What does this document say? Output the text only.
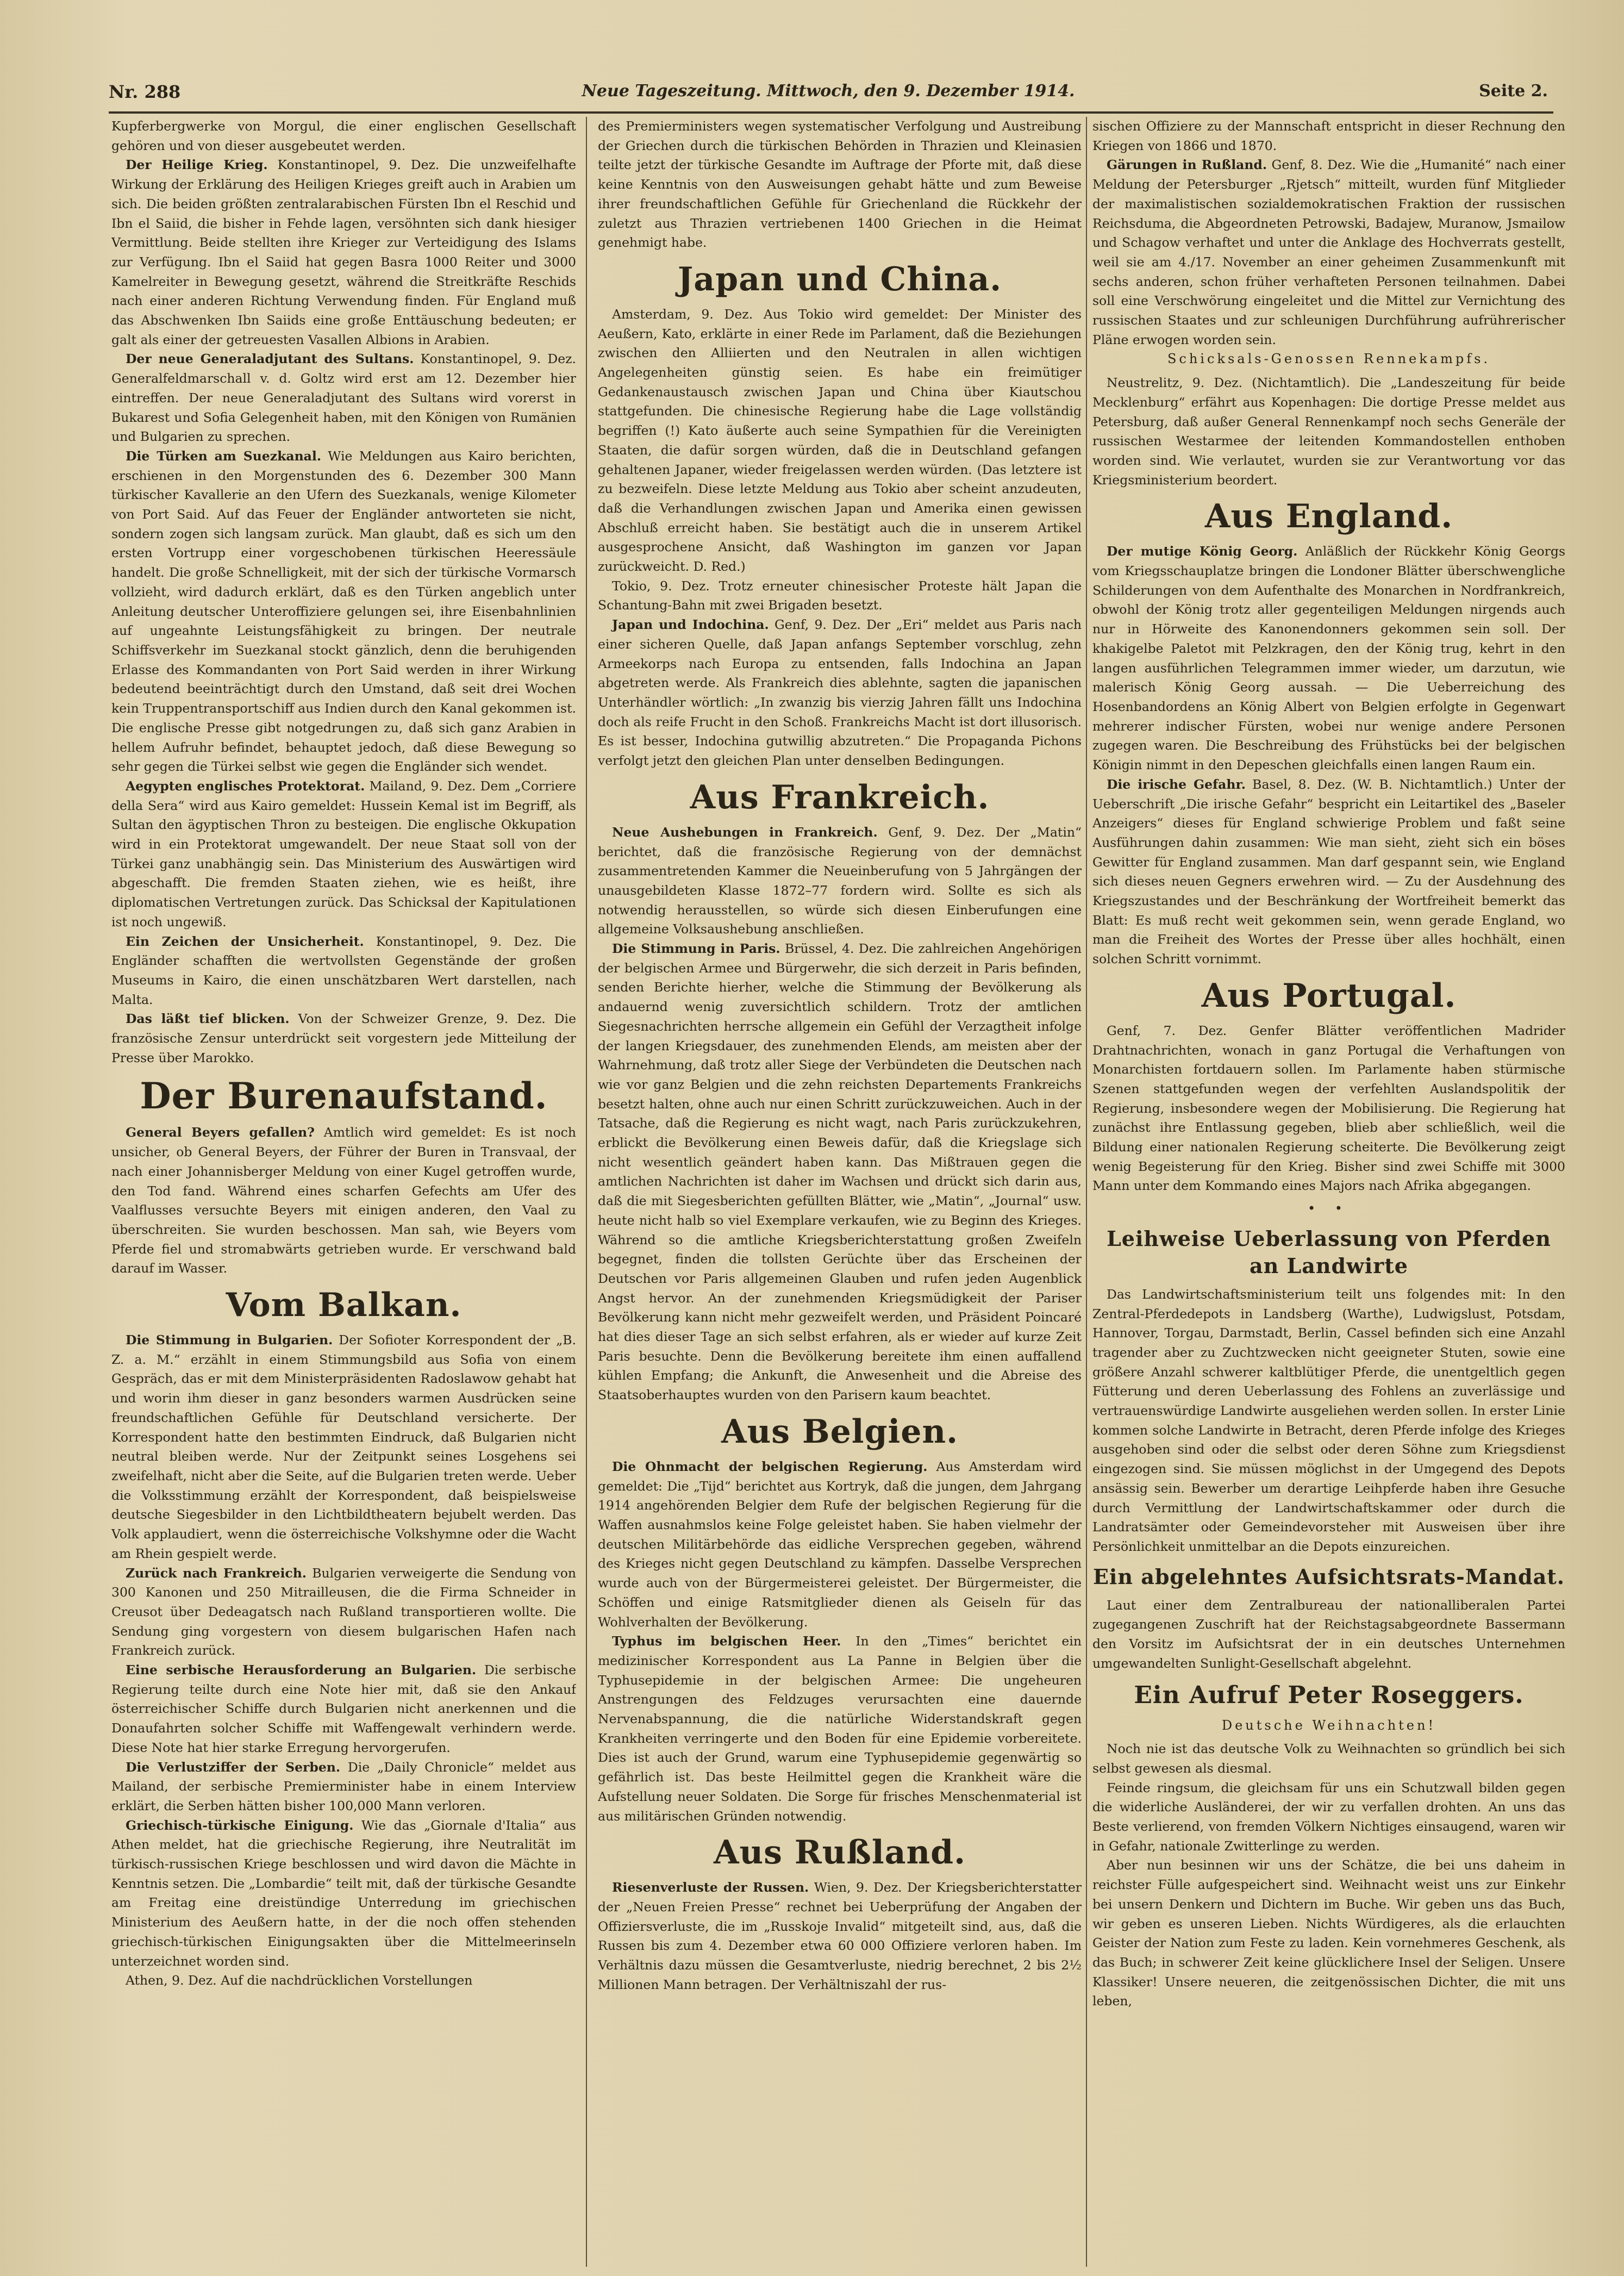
Nr. 288	Neue Tageszeitung. Mittwoch, den 9. Dezember 1914.	Seite 2.

Kupferbergwerke von Morgul, die einer englischen Gesellschaft gehören und von dieser ausgebeutet werden.

Der Heilige Krieg. Konstantinopel, 9. Dez. Die unzweifelhafte Wirkung der Erklärung des Heiligen Krieges greift auch in Arabien um sich. Die beiden größten zentralarabischen Fürsten Ibn el Reschid und Ibn el Saiid, die bisher in Fehde lagen, versöhnten sich dank hiesiger Vermittlung. Beide stellten ihre Krieger zur Verteidigung des Islams zur Verfügung. Ibn el Saiid hat gegen Basra 1000 Reiter und 3000 Kamelreiter in Bewegung gesetzt, während die Streitkräfte Reschids nach einer anderen Richtung Verwendung finden. Für England muß das Abschwenken Ibn Saiids eine große Enttäuschung bedeuten; er galt als einer der getreuesten Vasallen Albions in Arabien.

Der neue Generaladjutant des Sultans. Konstantinopel, 9. Dez. Generalfeldmarschall v. d. Goltz wird erst am 12. Dezember hier eintreffen. Der neue Generaladjutant des Sultans wird vorerst in Bukarest und Sofia Gelegenheit haben, mit den Königen von Rumänien und Bulgarien zu sprechen.

Die Türken am Suezkanal. Wie Meldungen aus Kairo berichten, erschienen in den Morgenstunden des 6. Dezember 300 Mann türkischer Kavallerie an den Ufern des Suezkanals, wenige Kilometer von Port Said. Auf das Feuer der Engländer antworteten sie nicht, sondern zogen sich langsam zurück. Man glaubt, daß es sich um den ersten Vortrupp einer vorgeschobenen türkischen Heeressäule handelt. Die große Schnelligkeit, mit der sich der türkische Vormarsch vollzieht, wird dadurch erklärt, daß es den Türken angeblich unter Anleitung deutscher Unteroffiziere gelungen sei, ihre Eisenbahnlinien auf ungeahnte Leistungsfähigkeit zu bringen. Der neutrale Schiffsverkehr im Suezkanal stockt gänzlich, denn die beruhigenden Erlasse des Kommandanten von Port Said werden in ihrer Wirkung bedeutend beeinträchtigt durch den Umstand, daß seit drei Wochen kein Truppentransportschiff aus Indien durch den Kanal gekommen ist. Die englische Presse gibt notgedrungen zu, daß sich ganz Arabien in hellem Aufruhr befindet, behauptet jedoch, daß diese Bewegung so sehr gegen die Türkei selbst wie gegen die Engländer sich wendet.

Aegypten englisches Protektorat. Mailand, 9. Dez. Dem „Corriere della Sera“ wird aus Kairo gemeldet: Hussein Kemal ist im Begriff, als Sultan den ägyptischen Thron zu besteigen. Die englische Okkupation wird in ein Protektorat umgewandelt. Der neue Staat soll von der Türkei ganz unabhängig sein. Das Ministerium des Auswärtigen wird abgeschafft. Die fremden Staaten ziehen, wie es heißt, ihre diplomatischen Vertretungen zurück. Das Schicksal der Kapitulationen ist noch ungewiß.

Ein Zeichen der Unsicherheit. Konstantinopel, 9. Dez. Die Engländer schafften die wertvollsten Gegenstände der großen Museums in Kairo, die einen unschätzbaren Wert darstellen, nach Malta.

Das läßt tief blicken. Von der Schweizer Grenze, 9. Dez. Die französische Zensur unterdrückt seit vorgestern jede Mitteilung der Presse über Marokko.

Der Burenaufstand.

General Beyers gefallen? Amtlich wird gemeldet: Es ist noch unsicher, ob General Beyers, der Führer der Buren in Transvaal, der nach einer Johannisberger Meldung von einer Kugel getroffen wurde, den Tod fand. Während eines scharfen Gefechts am Ufer des Vaalflusses versuchte Beyers mit einigen anderen, den Vaal zu überschreiten. Sie wurden beschossen. Man sah, wie Beyers vom Pferde fiel und stromabwärts getrieben wurde. Er verschwand bald darauf im Wasser.

Vom Balkan.

Die Stimmung in Bulgarien. Der Sofioter Korrespondent der „B. Z. a. M.“ erzählt in einem Stimmungsbild aus Sofia von einem Gespräch, das er mit dem Ministerpräsidenten Radoslawow gehabt hat und worin ihm dieser in ganz besonders warmen Ausdrücken seine freundschaftlichen Gefühle für Deutschland versicherte. Der Korrespondent hatte den bestimmten Eindruck, daß Bulgarien nicht neutral bleiben werde. Nur der Zeitpunkt seines Losgehens sei zweifelhaft, nicht aber die Seite, auf die Bulgarien treten werde. Ueber die Volksstimmung erzählt der Korrespondent, daß beispielsweise deutsche Siegesbilder in den Lichtbildtheatern bejubelt werden. Das Volk applaudiert, wenn die österreichische Volkshymne oder die Wacht am Rhein gespielt werde.

Zurück nach Frankreich. Bulgarien verweigerte die Sendung von 300 Kanonen und 250 Mitrailleusen, die die Firma Schneider in Creusot über Dedeagatsch nach Rußland transportieren wollte. Die Sendung ging vorgestern von diesem bulgarischen Hafen nach Frankreich zurück.

Eine serbische Herausforderung an Bulgarien. Die serbische Regierung teilte durch eine Note hier mit, daß sie den Ankauf österreichischer Schiffe durch Bulgarien nicht anerkennen und die Donaufahrten solcher Schiffe mit Waffengewalt verhindern werde. Diese Note hat hier starke Erregung hervorgerufen.

Die Verlustziffer der Serben. Die „Daily Chronicle“ meldet aus Mailand, der serbische Premierminister habe in einem Interview erklärt, die Serben hätten bisher 100,000 Mann verloren.

Griechisch-türkische Einigung. Wie das „Giornale d'Italia“ aus Athen meldet, hat die griechische Regierung, ihre Neutralität im türkisch-russischen Kriege beschlossen und wird davon die Mächte in Kenntnis setzen. Die „Lombardie“ teilt mit, daß der türkische Gesandte am Freitag eine dreistündige Unterredung im griechischen Ministerium des Aeußern hatte, in der die noch offen stehenden griechisch-türkischen Einigungsakten über die Mittelmeerinseln unterzeichnet worden sind.

Athen, 9. Dez. Auf die nachdrücklichen Vorstellungen

des Premierministers wegen systematischer Verfolgung und Austreibung der Griechen durch die türkischen Behörden in Thrazien und Kleinasien teilte jetzt der türkische Gesandte im Auftrage der Pforte mit, daß diese keine Kenntnis von den Ausweisungen gehabt hätte und zum Beweise ihrer freundschaftlichen Gefühle für Griechenland die Rückkehr der zuletzt aus Thrazien vertriebenen 1400 Griechen in die Heimat genehmigt habe.

Japan und China.

Amsterdam, 9. Dez. Aus Tokio wird gemeldet: Der Minister des Aeußern, Kato, erklärte in einer Rede im Parlament, daß die Beziehungen zwischen den Alliierten und den Neutralen in allen wichtigen Angelegenheiten günstig seien. Es habe ein freimütiger Gedankenaustausch zwischen Japan und China über Kiautschou stattgefunden. Die chinesische Regierung habe die Lage vollständig begriffen (!) Kato äußerte auch seine Sympathien für die Vereinigten Staaten, die dafür sorgen würden, daß die in Deutschland gefangen gehaltenen Japaner, wieder freigelassen werden würden. (Das letztere ist zu bezweifeln. Diese letzte Meldung aus Tokio aber scheint anzudeuten, daß die Verhandlungen zwischen Japan und Amerika einen gewissen Abschluß erreicht haben. Sie bestätigt auch die in unserem Artikel ausgesprochene Ansicht, daß Washington im ganzen vor Japan zurückweicht. D. Red.)

Tokio, 9. Dez. Trotz erneuter chinesischer Proteste hält Japan die Schantung-Bahn mit zwei Brigaden besetzt.

Japan und Indochina. Genf, 9. Dez. Der „Eri“ meldet aus Paris nach einer sicheren Quelle, daß Japan anfangs September vorschlug, zehn Armeekorps nach Europa zu entsenden, falls Indochina an Japan abgetreten werde. Als Frankreich dies ablehnte, sagten die japanischen Unterhändler wörtlich: „In zwanzig bis vierzig Jahren fällt uns Indochina doch als reife Frucht in den Schoß. Frankreichs Macht ist dort illusorisch. Es ist besser, Indochina gutwillig abzutreten.“ Die Propaganda Pichons verfolgt jetzt den gleichen Plan unter denselben Bedingungen.

Aus Frankreich.

Neue Aushebungen in Frankreich. Genf, 9. Dez. Der „Matin“ berichtet, daß die französische Regierung von der demnächst zusammentretenden Kammer die Neueinberufung von 5 Jahrgängen der unausgebildeten Klasse 1872–77 fordern wird. Sollte es sich als notwendig herausstellen, so würde sich diesen Einberufungen eine allgemeine Volksaushebung anschließen.

Die Stimmung in Paris. Brüssel, 4. Dez. Die zahlreichen Angehörigen der belgischen Armee und Bürgerwehr, die sich derzeit in Paris befinden, senden Berichte hierher, welche die Stimmung der Bevölkerung als andauernd wenig zuversichtlich schildern. Trotz der amtlichen Siegesnachrichten herrsche allgemein ein Gefühl der Verzagtheit infolge der langen Kriegsdauer, des zunehmenden Elends, am meisten aber der Wahrnehmung, daß trotz aller Siege der Verbündeten die Deutschen nach wie vor ganz Belgien und die zehn reichsten Departements Frankreichs besetzt halten, ohne auch nur einen Schritt zurückzuweichen. Auch in der Tatsache, daß die Regierung es nicht wagt, nach Paris zurückzukehren, erblickt die Bevölkerung einen Beweis dafür, daß die Kriegslage sich nicht wesentlich geändert haben kann. Das Mißtrauen gegen die amtlichen Nachrichten ist daher im Wachsen und drückt sich darin aus, daß die mit Siegesberichten gefüllten Blätter, wie „Matin“, „Journal“ usw. heute nicht halb so viel Exemplare verkaufen, wie zu Beginn des Krieges. Während so die amtliche Kriegsberichterstattung großen Zweifeln begegnet, finden die tollsten Gerüchte über das Erscheinen der Deutschen vor Paris allgemeinen Glauben und rufen jeden Augenblick Angst hervor. An der zunehmenden Kriegsmüdigkeit der Pariser Bevölkerung kann nicht mehr gezweifelt werden, und Präsident Poincaré hat dies dieser Tage an sich selbst erfahren, als er wieder auf kurze Zeit Paris besuchte. Denn die Bevölkerung bereitete ihm einen auffallend kühlen Empfang; die Ankunft, die Anwesenheit und die Abreise des Staatsoberhauptes wurden von den Parisern kaum beachtet.

Aus Belgien.

Die Ohnmacht der belgischen Regierung. Aus Amsterdam wird gemeldet: Die „Tijd“ berichtet aus Kortryk, daß die jungen, dem Jahrgang 1914 angehörenden Belgier dem Rufe der belgischen Regierung für die Waffen ausnahmslos keine Folge geleistet haben. Sie haben vielmehr der deutschen Militärbehörde das eidliche Versprechen gegeben, während des Krieges nicht gegen Deutschland zu kämpfen. Dasselbe Versprechen wurde auch von der Bürgermeisterei geleistet. Der Bürgermeister, die Schöffen und einige Ratsmitglieder dienen als Geiseln für das Wohlverhalten der Bevölkerung.

Typhus im belgischen Heer. In den „Times“ berichtet ein medizinischer Korrespondent aus La Panne in Belgien über die Typhusepidemie in der belgischen Armee: Die ungeheuren Anstrengungen des Feldzuges verursachten eine dauernde Nervenabspannung, die die natürliche Widerstandskraft gegen Krankheiten verringerte und den Boden für eine Epidemie vorbereitete. Dies ist auch der Grund, warum eine Typhusepidemie gegenwärtig so gefährlich ist. Das beste Heilmittel gegen die Krankheit wäre die Aufstellung neuer Soldaten. Die Sorge für frisches Menschenmaterial ist aus militärischen Gründen notwendig.

Aus Rußland.

Riesenverluste der Russen. Wien, 9. Dez. Der Kriegsberichterstatter der „Neuen Freien Presse“ rechnet bei Ueberprüfung der Angaben der Offiziersverluste, die im „Russkoje Invalid“ mitgeteilt sind, aus, daß die Russen bis zum 4. Dezember etwa 60 000 Offiziere verloren haben. Im Verhältnis dazu müssen die Gesamtverluste, niedrig berechnet, 2 bis 2½ Millionen Mann betragen. Der Verhältniszahl der rus-

sischen Offiziere zu der Mannschaft entspricht in dieser Rechnung den Kriegen von 1866 und 1870.

Gärungen in Rußland. Genf, 8. Dez. Wie die „Humanité“ nach einer Meldung der Petersburger „Rjetsch“ mitteilt, wurden fünf Mitglieder der maximalistischen sozialdemokratischen Fraktion der russischen Reichsduma, die Abgeordneten Petrowski, Badajew, Muranow, Jsmailow und Schagow verhaftet und unter die Anklage des Hochverrats gestellt, weil sie am 4./17. November an einer geheimen Zusammenkunft mit sechs anderen, schon früher verhafteten Personen teilnahmen. Dabei soll eine Verschwörung eingeleitet und die Mittel zur Vernichtung des russischen Staates und zur schleunigen Durchführung aufrührerischer Pläne erwogen worden sein.

Schicksals-Genossen Rennekampfs.

Neustrelitz, 9. Dez. (Nichtamtlich). Die „Landeszeitung für beide Mecklenburg“ erfährt aus Kopenhagen: Die dortige Presse meldet aus Petersburg, daß außer General Rennenkampf noch sechs Generäle der russischen Westarmee der leitenden Kommandostellen enthoben worden sind. Wie verlautet, wurden sie zur Verantwortung vor das Kriegsministerium beordert.

Aus England.

Der mutige König Georg. Anläßlich der Rückkehr König Georgs vom Kriegsschauplatze bringen die Londoner Blätter überschwengliche Schilderungen von dem Aufenthalte des Monarchen in Nordfrankreich, obwohl der König trotz aller gegenteiligen Meldungen nirgends auch nur in Hörweite des Kanonendonners gekommen sein soll. Der khakigelbe Paletot mit Pelzkragen, den der König trug, kehrt in den langen ausführlichen Telegrammen immer wieder, um darzutun, wie malerisch König Georg aussah. — Die Ueberreichung des Hosenbandordens an König Albert von Belgien erfolgte in Gegenwart mehrerer indischer Fürsten, wobei nur wenige andere Personen zugegen waren. Die Beschreibung des Frühstücks bei der belgischen Königin nimmt in den Depeschen gleichfalls einen langen Raum ein.

Die irische Gefahr. Basel, 8. Dez. (W. B. Nichtamtlich.) Unter der Ueberschrift „Die irische Gefahr“ bespricht ein Leitartikel des „Baseler Anzeigers“ dieses für England schwierige Problem und faßt seine Ausführungen dahin zusammen: Wie man sieht, zieht sich ein böses Gewitter für England zusammen. Man darf gespannt sein, wie England sich dieses neuen Gegners erwehren wird. — Zu der Ausdehnung des Kriegszustandes und der Beschränkung der Wortfreiheit bemerkt das Blatt: Es muß recht weit gekommen sein, wenn gerade England, wo man die Freiheit des Wortes der Presse über alles hochhält, einen solchen Schritt vornimmt.

Aus Portugal.

Genf, 7. Dez. Genfer Blätter veröffentlichen Madrider Drahtnachrichten, wonach in ganz Portugal die Verhaftungen von Monarchisten fortdauern sollen. Im Parlamente haben stürmische Szenen stattgefunden wegen der verfehlten Auslandspolitik der Regierung, insbesondere wegen der Mobilisierung. Die Regierung hat zunächst ihre Entlassung gegeben, blieb aber schließlich, weil die Bildung einer nationalen Regierung scheiterte. Die Bevölkerung zeigt wenig Begeisterung für den Krieg. Bisher sind zwei Schiffe mit 3000 Mann unter dem Kommando eines Majors nach Afrika abgegangen.

• •
Leihweise Ueberlassung von Pferden an Landwirte

Das Landwirtschaftsministerium teilt uns folgendes mit: In den Zentral-Pferdedepots in Landsberg (Warthe), Ludwigslust, Potsdam, Hannover, Torgau, Darmstadt, Berlin, Cassel befinden sich eine Anzahl tragender aber zu Zuchtzwecken nicht geeigneter Stuten, sowie eine größere Anzahl schwerer kaltblütiger Pferde, die unentgeltlich gegen Fütterung und deren Ueberlassung des Fohlens an zuverlässige und vertrauenswürdige Landwirte ausgeliehen werden sollen. In erster Linie kommen solche Landwirte in Betracht, deren Pferde infolge des Krieges ausgehoben sind oder die selbst oder deren Söhne zum Kriegsdienst eingezogen sind. Sie müssen möglichst in der Umgegend des Depots ansässig sein. Bewerber um derartige Leihpferde haben ihre Gesuche durch Vermittlung der Landwirtschaftskammer oder durch die Landratsämter oder Gemeindevorsteher mit Ausweisen über ihre Persönlichkeit unmittelbar an die Depots einzureichen.

Ein abgelehntes Aufsichtsrats-Mandat.

Laut einer dem Zentralbureau der nationalliberalen Partei zugegangenen Zuschrift hat der Reichstagsabgeordnete Bassermann den Vorsitz im Aufsichtsrat der in ein deutsches Unternehmen umgewandelten Sunlight-Gesellschaft abgelehnt.

Ein Aufruf Peter Roseggers.
Deutsche Weihnachten!

Noch nie ist das deutsche Volk zu Weihnachten so gründlich bei sich selbst gewesen als diesmal.

Feinde ringsum, die gleichsam für uns ein Schutzwall bilden gegen die widerliche Ausländerei, der wir zu verfallen drohten. An uns das Beste verlierend, von fremden Völkern Nichtiges einsaugend, waren wir in Gefahr, nationale Zwitterlinge zu werden.

Aber nun besinnen wir uns der Schätze, die bei uns daheim in reichster Fülle aufgespeichert sind. Weihnacht weist uns zur Einkehr bei unsern Denkern und Dichtern im Buche. Wir geben uns das Buch, wir geben es unseren Lieben. Nichts Würdigeres, als die erlauchten Geister der Nation zum Feste zu laden. Kein vornehmeres Geschenk, als das Buch; in schwerer Zeit keine glücklichere Insel der Seligen. Unsere Klassiker! Unsere neueren, die zeitgenössischen Dichter, die mit uns leben,
